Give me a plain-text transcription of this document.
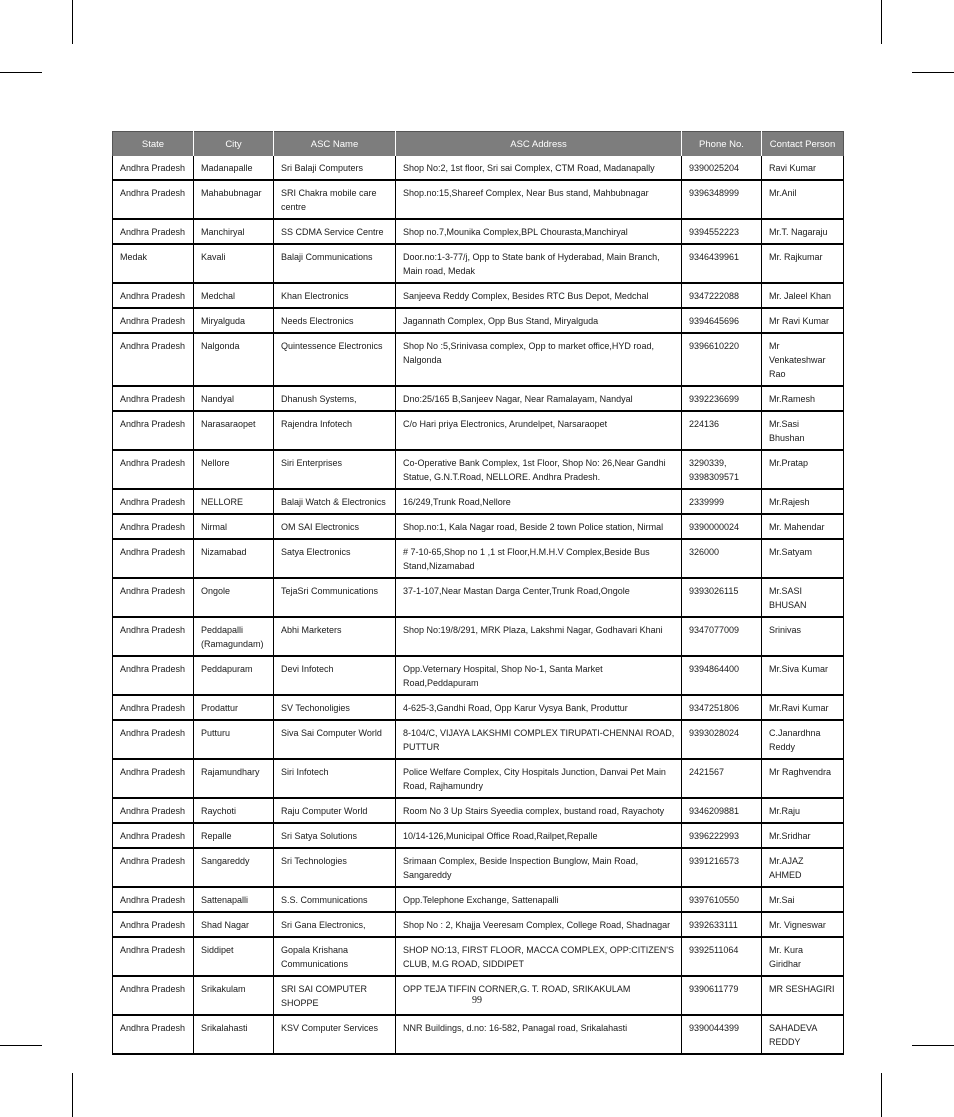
State	City	ASC Name	ASC Address	Phone No.	Contact Person
Andhra Pradesh	Madanapalle	Sri Balaji Computers	Shop No:2, 1st floor, Sri sai Complex, CTM Road, Madanapally	9390025204	Ravi Kumar
Andhra Pradesh	Mahabubnagar	SRI Chakra mobile care centre	Shop.no:15,Shareef Complex, Near Bus stand, Mahbubnagar	9396348999	Mr.Anil
Andhra Pradesh	Manchiryal	SS CDMA Service Centre	Shop no.7,Mounika Complex,BPL Chourasta,Manchiryal	9394552223	Mr.T. Nagaraju
Medak	Kavali	Balaji Communications	Door.no:1-3-77/j, Opp to State bank of Hyderabad, Main Branch, Main road, Medak	9346439961	Mr. Rajkumar
Andhra Pradesh	Medchal	Khan Electronics	Sanjeeva Reddy Complex, Besides RTC Bus Depot, Medchal	9347222088	Mr. Jaleel Khan
Andhra Pradesh	Miryalguda	Needs Electronics	Jagannath Complex, Opp Bus Stand, Miryalguda	9394645696	Mr Ravi Kumar
Andhra Pradesh	Nalgonda	Quintessence Electronics	Shop No :5,Srinivasa complex, Opp to market office,HYD road, Nalgonda	9396610220	Mr Venkateshwar Rao
Andhra Pradesh	Nandyal	Dhanush Systems,	Dno:25/165 B,Sanjeev Nagar, Near Ramalayam, Nandyal	9392236699	Mr.Ramesh
Andhra Pradesh	Narasaraopet	Rajendra Infotech	C/o Hari priya Electronics, Arundelpet, Narsaraopet	224136	Mr.Sasi Bhushan
Andhra Pradesh	Nellore	Siri Enterprises	Co-Operative Bank Complex, 1st Floor, Shop No: 26,Near Gandhi Statue, G.N.T.Road, NELLORE. Andhra Pradesh.	3290339, 9398309571	Mr.Pratap
Andhra Pradesh	NELLORE	Balaji Watch & Electronics	16/249,Trunk Road,Nellore	2339999	Mr.Rajesh
Andhra Pradesh	Nirmal	OM SAI Electronics	Shop.no:1, Kala Nagar road, Beside 2 town Police station, Nirmal	9390000024	Mr. Mahendar
Andhra Pradesh	Nizamabad	Satya Electronics	# 7-10-65,Shop no 1 ,1 st Floor,H.M.H.V Complex,Beside Bus Stand,Nizamabad	326000	Mr.Satyam
Andhra Pradesh	Ongole	TejaSri Communications	37-1-107,Near Mastan Darga Center,Trunk Road,Ongole	9393026115	Mr.SASI BHUSAN
Andhra Pradesh	Peddapalli (Ramagundam)	Abhi Marketers	Shop No:19/8/291, MRK Plaza, Lakshmi Nagar, Godhavari Khani	9347077009	Srinivas
Andhra Pradesh	Peddapuram	Devi Infotech	Opp.Veternary Hospital, Shop No-1, Santa Market Road,Peddapuram	9394864400	Mr.Siva Kumar
Andhra Pradesh	Prodattur	SV Techonoligies	4-625-3,Gandhi Road, Opp Karur Vysya Bank, Produttur	9347251806	Mr.Ravi Kumar
Andhra Pradesh	Putturu	Siva Sai Computer World	8-104/C, VIJAYA LAKSHMI COMPLEX TIRUPATI-CHENNAI ROAD, PUTTUR	9393028024	C.Janardhna Reddy
Andhra Pradesh	Rajamundhary	Siri Infotech	Police Welfare Complex, City Hospitals Junction, Danvai Pet Main Road, Rajhamundry	2421567	Mr Raghvendra
Andhra Pradesh	Raychoti	Raju Computer World	Room No 3 Up Stairs Syeedia complex, bustand road, Rayachoty	9346209881	Mr.Raju
Andhra Pradesh	Repalle	Sri Satya Solutions	10/14-126,Municipal Office Road,Railpet,Repalle	9396222993	Mr.Sridhar
Andhra Pradesh	Sangareddy	Sri Technologies	Srimaan Complex, Beside Inspection Bunglow, Main Road, Sangareddy	9391216573	Mr.AJAZ AHMED
Andhra Pradesh	Sattenapalli	S.S. Communications	Opp.Telephone Exchange, Sattenapalli	9397610550	Mr.Sai
Andhra Pradesh	Shad Nagar	Sri Gana Electronics,	Shop No : 2, Khajja Veeresam Complex, College Road, Shadnagar	9392633111	Mr. Vigneswar
Andhra Pradesh	Siddipet	Gopala Krishana Communications	SHOP NO:13, FIRST FLOOR, MACCA COMPLEX, OPP:CITIZEN'S CLUB, M.G ROAD, SIDDIPET	9392511064	Mr. Kura Giridhar
Andhra Pradesh	Srikakulam	SRI SAI COMPUTER SHOPPE	OPP TEJA TIFFIN CORNER,G. T. ROAD, SRIKAKULAM	9390611779	MR SESHAGIRI
Andhra Pradesh	Srikalahasti	KSV Computer Services	NNR Buildings, d.no: 16-582, Panagal road, Srikalahasti	9390044399	SAHADEVA REDDY
99
